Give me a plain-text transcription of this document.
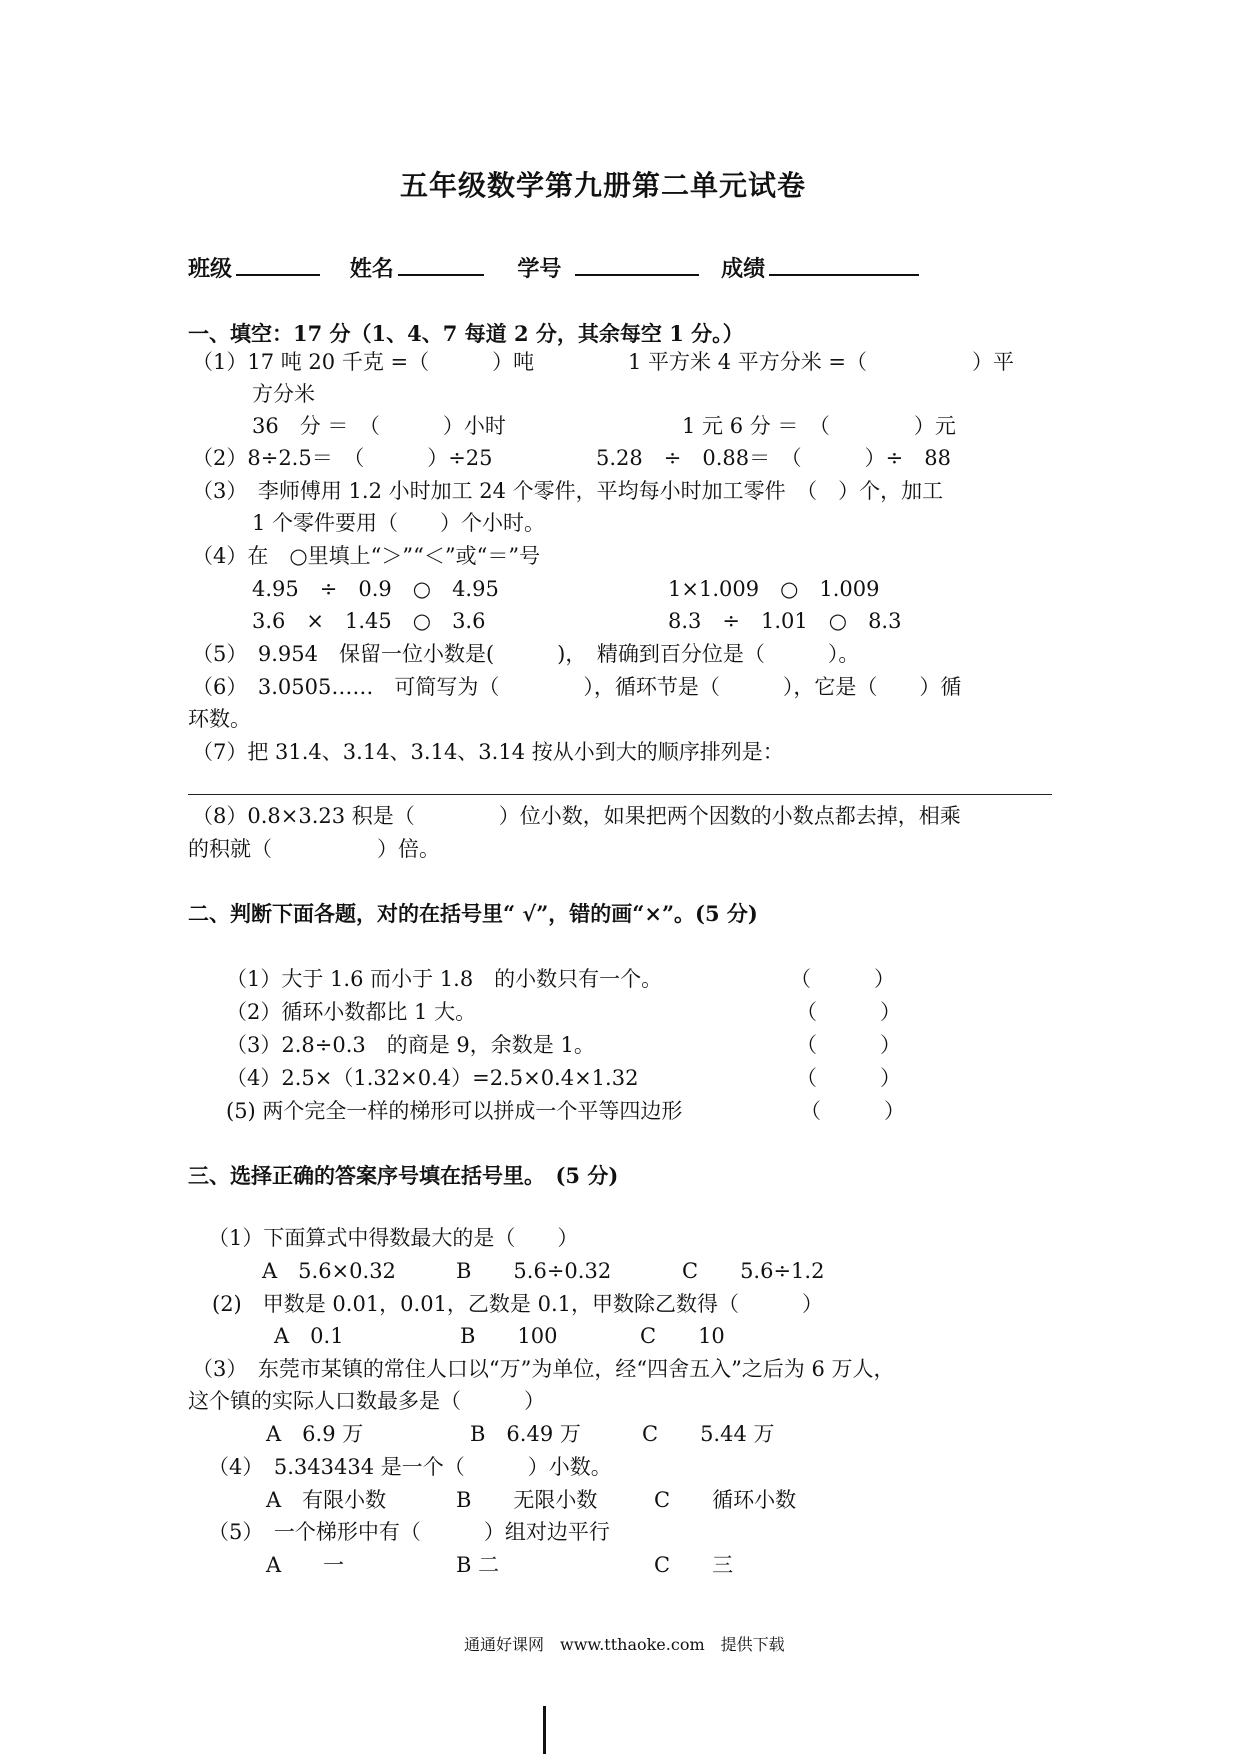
五年级数学第九册第二单元试卷
班级	姓名	学号	成绩
一、填空：17 分（1、4、7 每道 2 分，其余每空 1 分。）
（1）17 吨 20 千克 =（　　　）吨	1 平方米 4 平方分米 =（　　　　　）平
方分米
36　分 ＝　（　　　）小时	1 元 6 分 ＝　（　　　　）元
（2）8÷2.5＝　（　　　）÷25	5.28　÷　0.88＝　（　　　）÷　88
（3）　李师傅用 1.2 小时加工 24 个零件，平均每小时加工零件　（　）个，加工
1 个零件要用（　　）个小时。
（4）在　○里填上“＞”“＜”或“＝”号
4.95　÷　0.9　○　4.95	1×1.009　○　1.009
3.6　×　1.45　○　3.6	8.3　÷　1.01　○　8.3
（5）　9.954　保留一位小数是(　　　)，　精确到百分位是（　　　）。
（6）　3.0505……　可简写为（　　　　），循环节是（　　　），它是（　　）循
环数。
（7）把 31.4、3.14、3.14、3.14 按从小到大的顺序排列是：
（8）0.8×3.23 积是（　　　　）位小数，如果把两个因数的小数点都去掉，相乘
的积就（　　　　　）倍。
二、判断下面各题，对的在括号里“ √”，错的画“×”。(5 分)
（1）大于 1.6 而小于 1.8　的小数只有一个。	（　　　）
（2）循环小数都比 1 大。	（　　　）
（3）2.8÷0.3　的商是 9，余数是 1。	（　　　）
（4）2.5×（1.32×0.4）=2.5×0.4×1.32	（　　　）
(5) 两个完全一样的梯形可以拼成一个平等四边形	（　　　）
三、选择正确的答案序号填在括号里。　(5 分)
（1）下面算式中得数最大的是（　　）
A　5.6×0.32	B　　5.6÷0.32	C　　5.6÷1.2
(2)　甲数是 0.01，0.01，乙数是 0.1，甲数除乙数得（　　　）
A　0.1	B　　100	C　　10
（3）　东莞市某镇的常住人口以“万”为单位，经“四舍五入”之后为 6 万人，
这个镇的实际人口数最多是（　　　）
A　6.9 万	B　6.49 万	C　　5.44 万
（4）　5.343434 是一个（　　　）小数。
A　有限小数	B　　无限小数	C　　循环小数
（5）　一个梯形中有（　　　）组对边平行
A　　一	B 二	C　　三
通通好课网　www.tthaoke.com　提供下载
